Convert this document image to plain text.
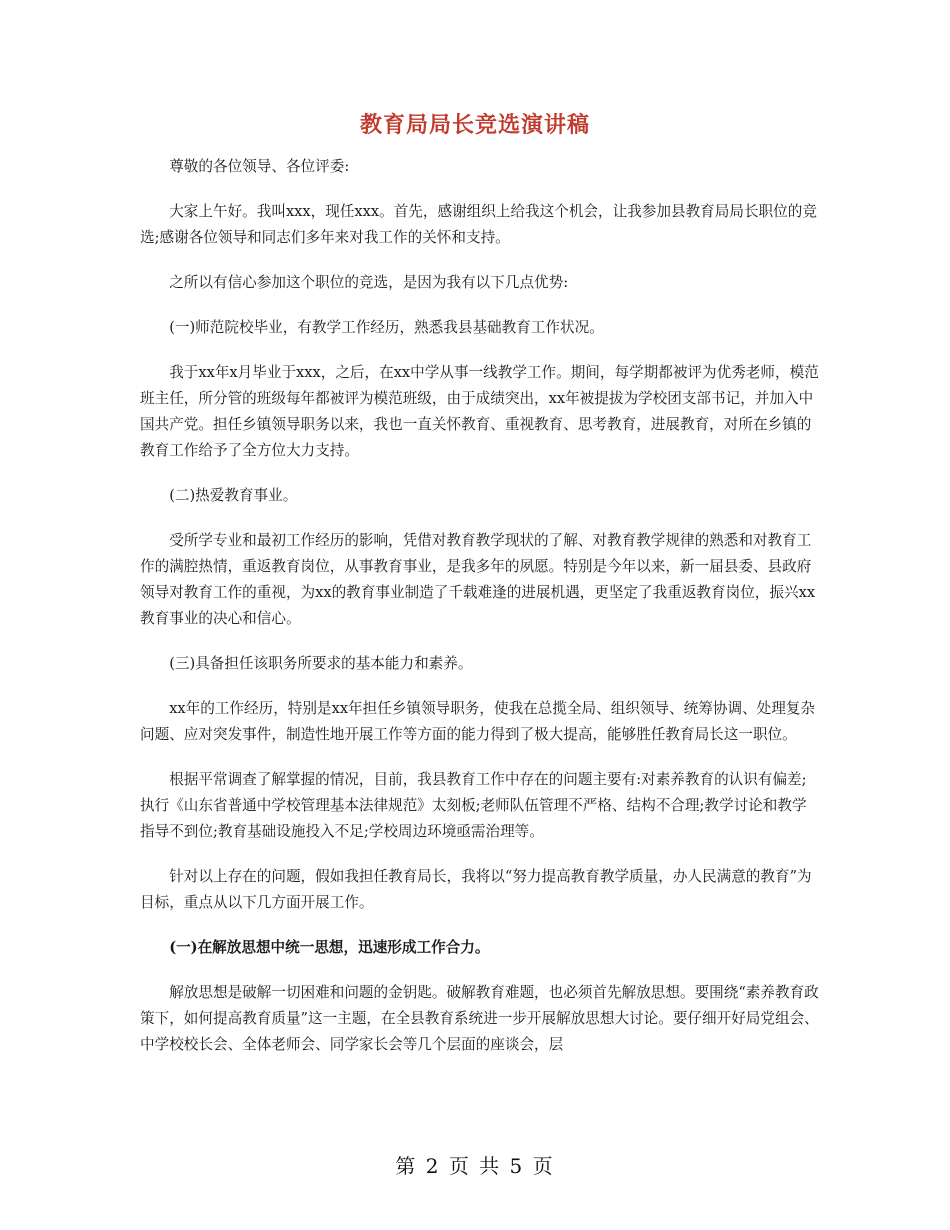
教育局局长竞选演讲稿

尊敬的各位领导、各位评委:

大家上午好。我叫xxx，现任xxx。首先，感谢组织上给我这个机会，让我参加县教育局局长职位的竞选;感谢各位领导和同志们多年来对我工作的关怀和支持。

之所以有信心参加这个职位的竞选，是因为我有以下几点优势:

(一)师范院校毕业，有教学工作经历，熟悉我县基础教育工作状况。

我于xx年x月毕业于xxx，之后，在xx中学从事一线教学工作。期间，每学期都被评为优秀老师，模范班主任，所分管的班级每年都被评为模范班级，由于成绩突出，xx年被提拔为学校团支部书记，并加入中国共产党。担任乡镇领导职务以来，我也一直关怀教育、重视教育、思考教育，进展教育，对所在乡镇的教育工作给予了全方位大力支持。

(二)热爱教育事业。

受所学专业和最初工作经历的影响，凭借对教育教学现状的了解、对教育教学规律的熟悉和对教育工作的满腔热情，重返教育岗位，从事教育事业，是我多年的夙愿。特别是今年以来，新一届县委、县政府领导对教育工作的重视，为xx的教育事业制造了千载难逢的进展机遇，更坚定了我重返教育岗位，振兴xx教育事业的决心和信心。

(三)具备担任该职务所要求的基本能力和素养。

xx年的工作经历，特别是xx年担任乡镇领导职务，使我在总揽全局、组织领导、统筹协调、处理复杂问题、应对突发事件，制造性地开展工作等方面的能力得到了极大提高，能够胜任教育局长这一职位。

根据平常调查了解掌握的情况，目前，我县教育工作中存在的问题主要有:对素养教育的认识有偏差;执行《山东省普通中学校管理基本法律规范》太刻板;老师队伍管理不严格、结构不合理;教学讨论和教学指导不到位;教育基础设施投入不足;学校周边环境亟需治理等。

针对以上存在的问题，假如我担任教育局长，我将以“努力提高教育教学质量，办人民满意的教育”为目标，重点从以下几方面开展工作。

(一)在解放思想中统一思想，迅速形成工作合力。

解放思想是破解一切困难和问题的金钥匙。破解教育难题，也必须首先解放思想。要围绕“素养教育政策下，如何提高教育质量”这一主题，在全县教育系统进一步开展解放思想大讨论。要仔细开好局党组会、中学校校长会、全体老师会、同学家长会等几个层面的座谈会，层

第 2 页 共 5 页
